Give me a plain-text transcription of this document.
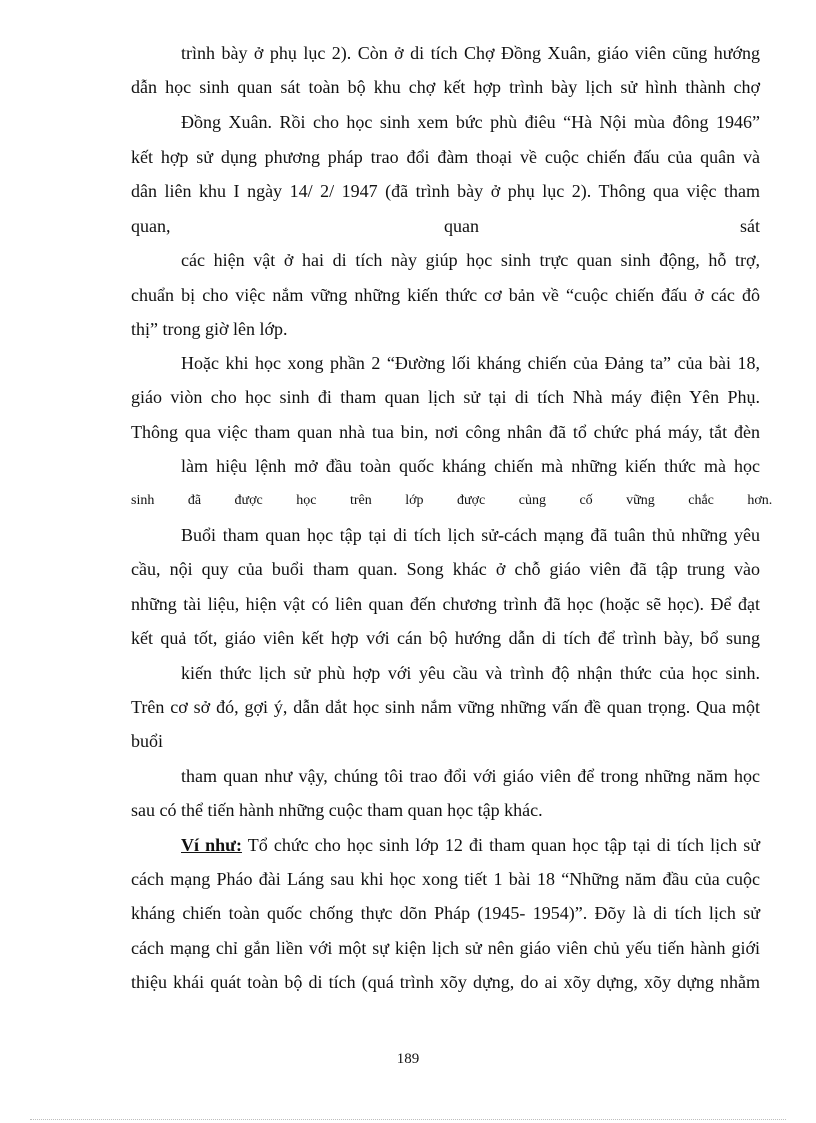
trình bày ở phụ lục 2). Còn ở di tích Chợ Đồng Xuân, giáo viên cũng hướng
dẫn học sinh quan sát toàn bộ khu chợ kết hợp trình bày lịch sử hình thành chợ
Đồng Xuân. Rồi cho học sinh xem bức phù điêu “Hà Nội mùa đông 1946”
kết hợp sử dụng phương pháp trao đổi đàm thoại về cuộc chiến đấu của quân và
dân liên khu I ngày 14/ 2/ 1947 (đã trình bày ở phụ lục 2). Thông qua việc tham
quan,	quan	sát
các hiện vật ở hai di tích này giúp học sinh trực quan sinh động, hỗ trợ,
chuẩn bị cho việc nắm vững những kiến thức cơ bản về “cuộc chiến đấu ở các đô
thị” trong giờ lên lớp.
Hoặc khi học xong phần 2 “Đường lối kháng chiến của Đảng ta” của bài 18,
giáo viòn cho học sinh đi tham quan lịch sử tại di tích Nhà máy điện Yên Phụ.
Thông qua việc tham quan nhà tua bin, nơi công nhân đã tổ chức phá máy, tắt đèn
làm hiệu lệnh mở đầu toàn quốc kháng chiến mà những kiến thức mà học
sinh đã được học trên lớp được củng cố vững chắc hơn.
Buổi tham quan học tập tại di tích lịch sử-cách mạng đã tuân thủ những yêu
cầu, nội quy của buổi tham quan. Song khác ở chỗ giáo viên đã tập trung vào
những tài liệu, hiện vật có liên quan đến chương trình đã học (hoặc sẽ học). Để đạt
kết quả tốt, giáo viên kết hợp với cán bộ hướng dẫn di tích để trình bày, bổ sung
kiến thức lịch sử phù hợp với yêu cầu và trình độ nhận thức của học sinh.
Trên cơ sở đó, gợi ý, dẫn dắt học sinh nắm vững những vấn đề quan trọng. Qua một
buổi
tham quan như vậy, chúng tôi trao đổi với giáo viên để trong những năm học
sau có thể tiến hành những cuộc tham quan học tập khác.
Ví như: Tổ chức cho học sinh lớp 12 đi tham quan học tập tại di tích lịch sử
cách mạng Pháo đài Láng sau khi học xong tiết 1 bài 18 “Những năm đầu của cuộc
kháng chiến toàn quốc chống thực dõn Pháp (1945- 1954)”. Đõy là di tích lịch sử
cách mạng chỉ gắn liền với một sự kiện lịch sử nên giáo viên chủ yếu tiến hành giới
thiệu khái quát toàn bộ di tích (quá trình xõy dựng, do ai xõy dựng, xõy dựng nhằm
189
